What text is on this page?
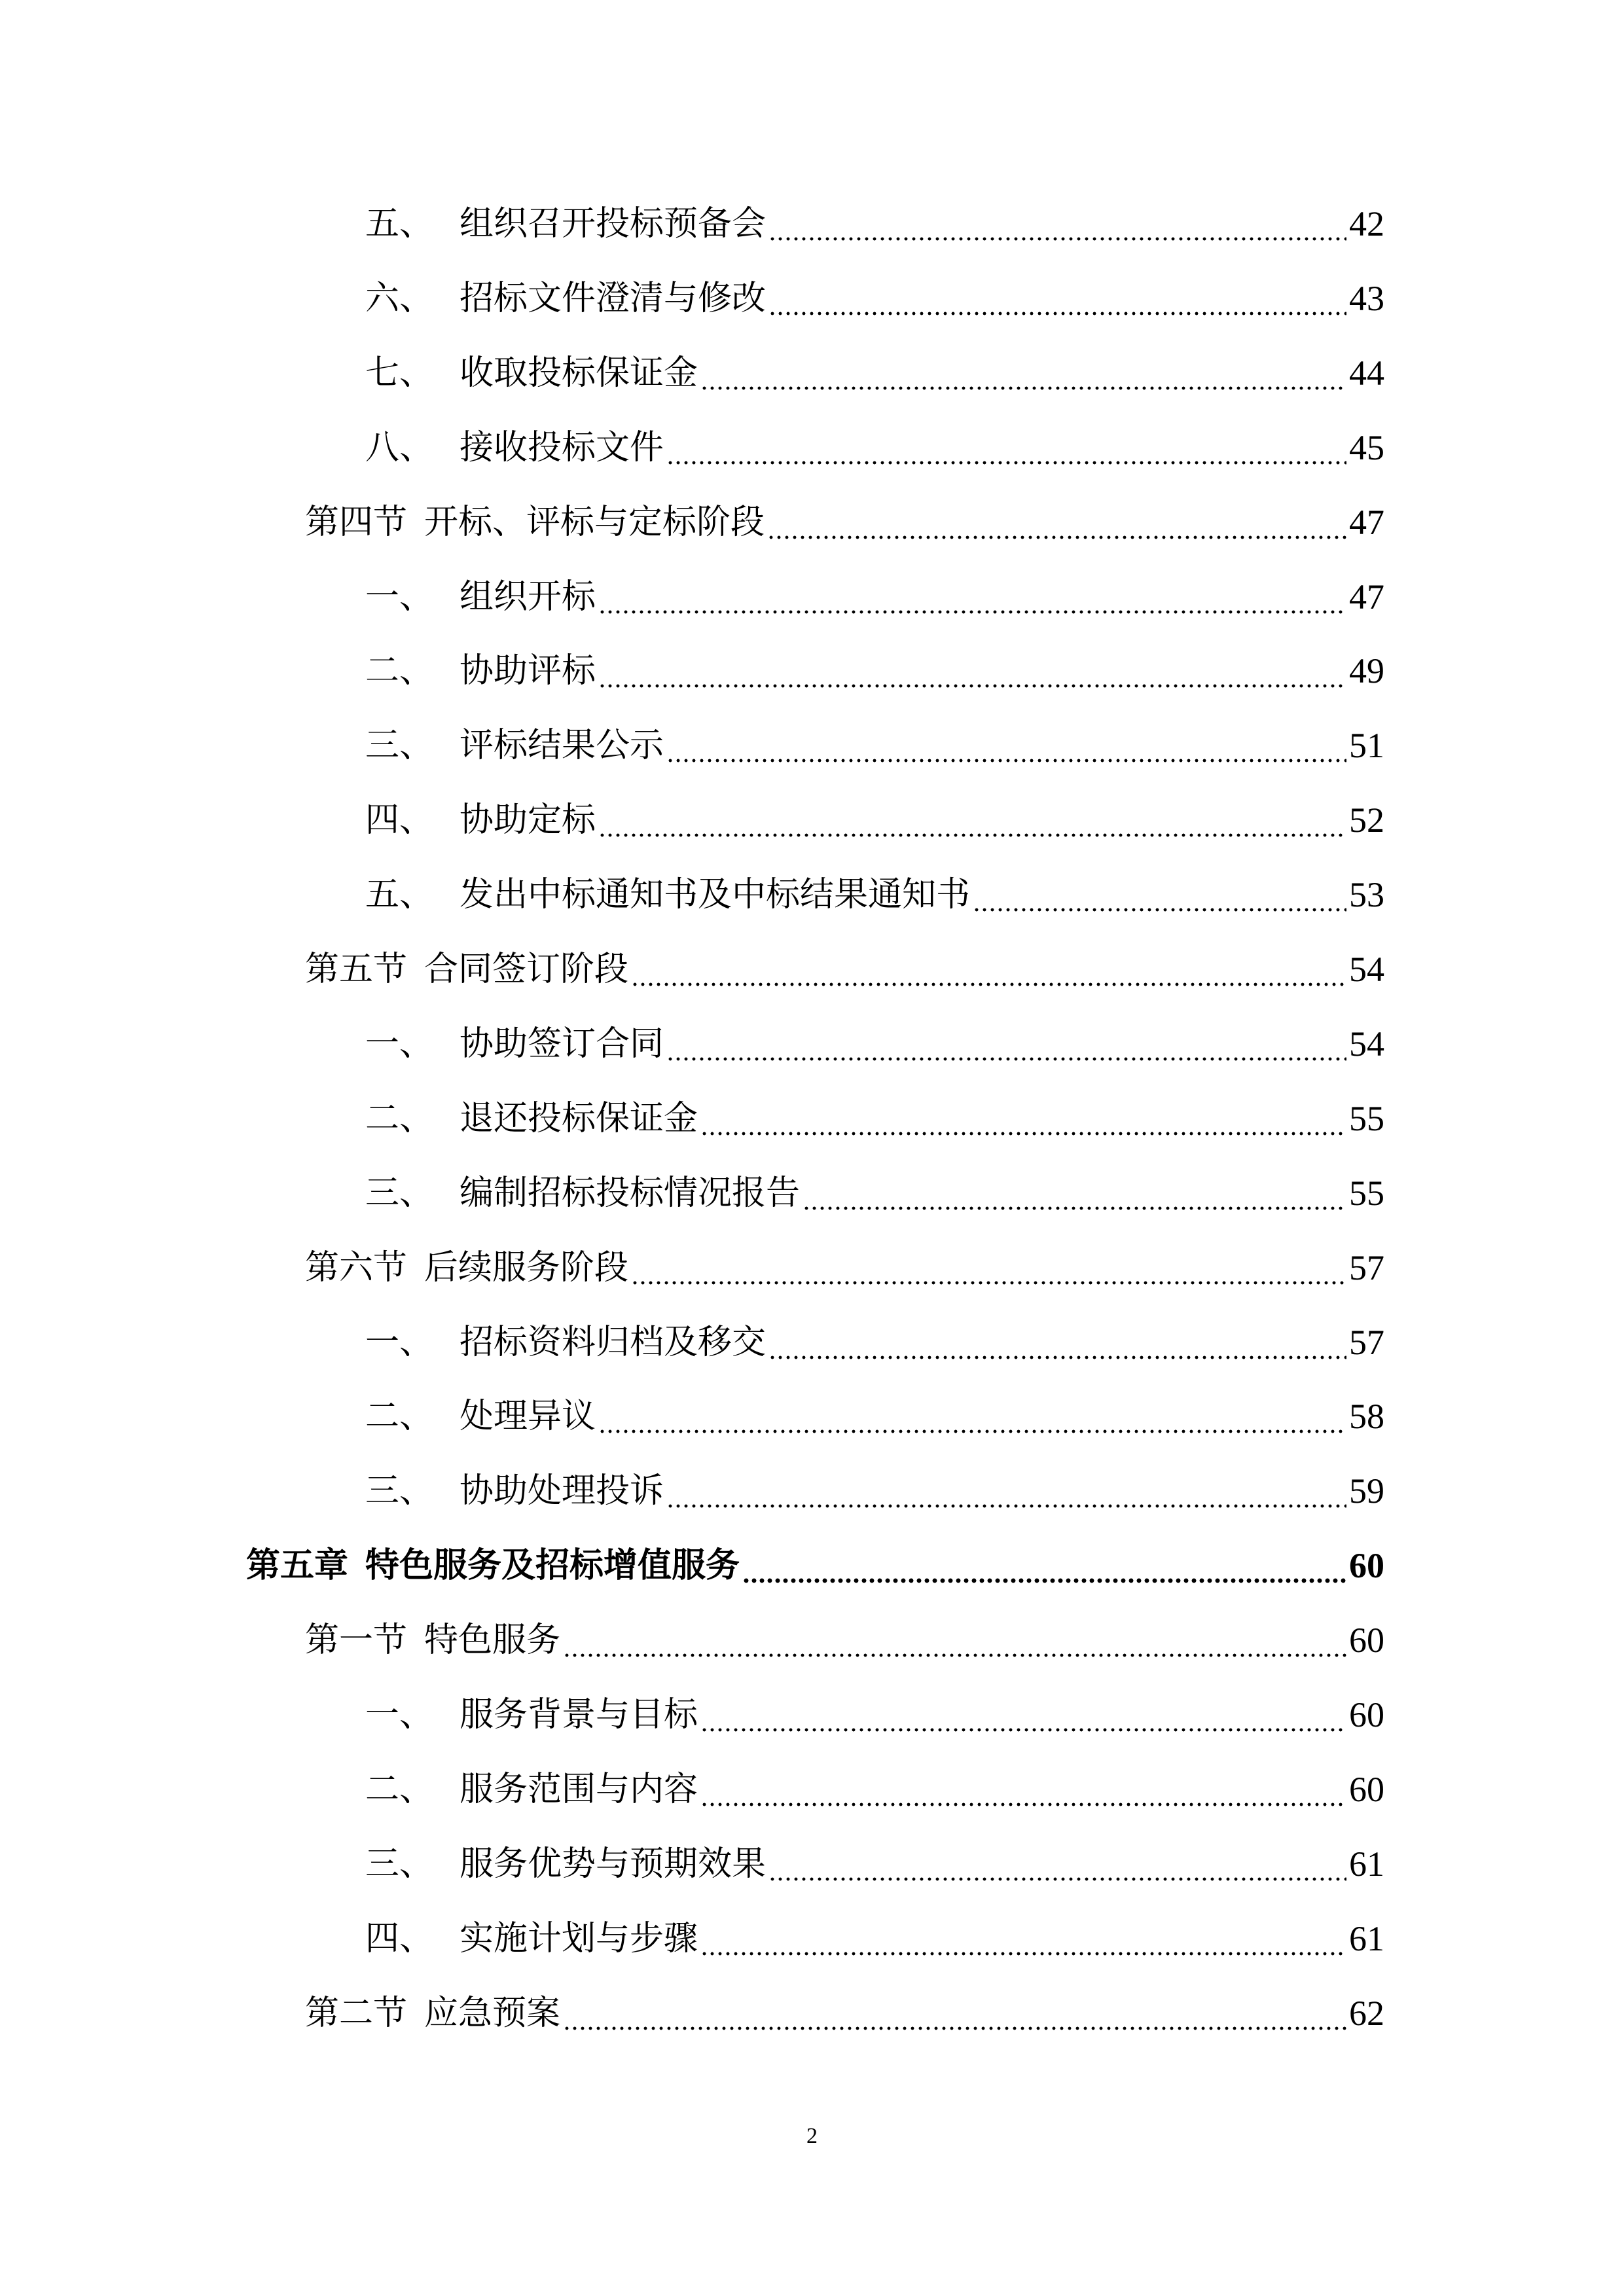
五、 组织召开投标预备会	42
六、 招标文件澄清与修改	43
七、 收取投标保证金	44
八、 接收投标文件	45
第四节 开标、评标与定标阶段	47
一、 组织开标	47
二、 协助评标	49
三、 评标结果公示	51
四、 协助定标	52
五、 发出中标通知书及中标结果通知书	53
第五节 合同签订阶段	54
一、 协助签订合同	54
二、 退还投标保证金	55
三、 编制招标投标情况报告	55
第六节 后续服务阶段	57
一、 招标资料归档及移交	57
二、 处理异议	58
三、 协助处理投诉	59
第五章 特色服务及招标增值服务	60
第一节 特色服务	60
一、 服务背景与目标	60
二、 服务范围与内容	60
三、 服务优势与预期效果	61
四、 实施计划与步骤	61
第二节 应急预案	62
2
